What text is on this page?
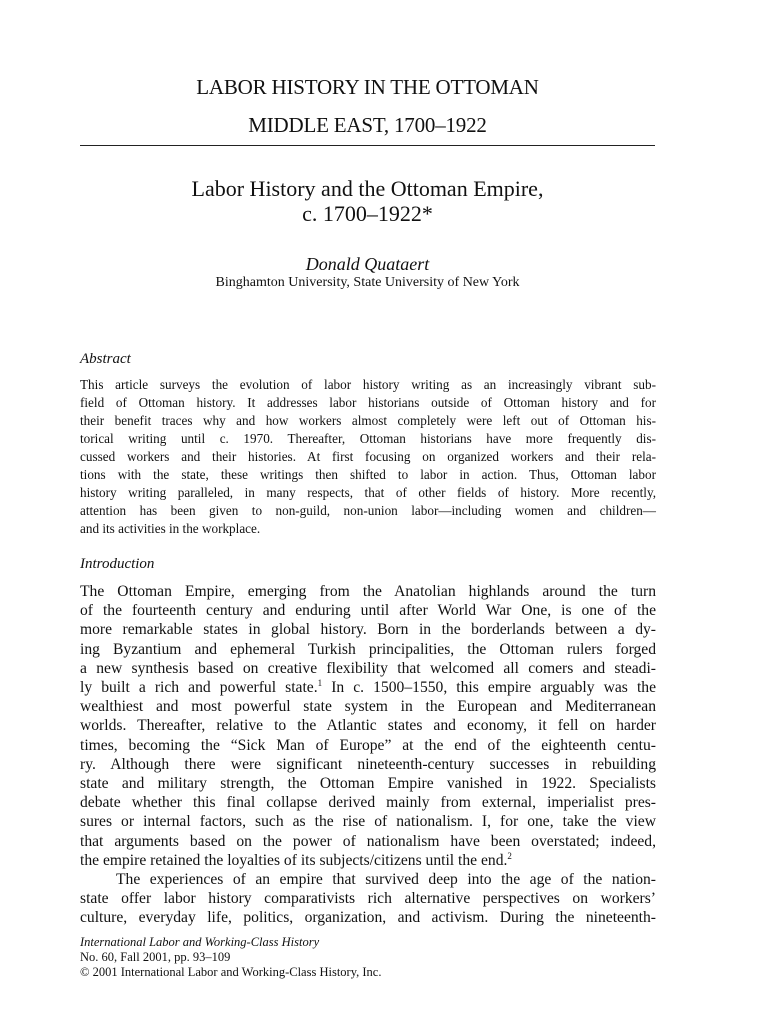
LABOR HISTORY IN THE OTTOMAN
MIDDLE EAST, 1700–1922
Labor History and the Ottoman Empire,
c. 1700–1922*
Donald Quataert
Binghamton University, State University of New York
Abstract
This article surveys the evolution of labor history writing as an increasingly vibrant sub-
field of Ottoman history. It addresses labor historians outside of Ottoman history and for
their benefit traces why and how workers almost completely were left out of Ottoman his-
torical writing until c. 1970. Thereafter, Ottoman historians have more frequently dis-
cussed workers and their histories. At first focusing on organized workers and their rela-
tions with the state, these writings then shifted to labor in action. Thus, Ottoman labor
history writing paralleled, in many respects, that of other fields of history. More recently,
attention has been given to non-guild, non-union labor—including women and children—
and its activities in the workplace.
Introduction
The Ottoman Empire, emerging from the Anatolian highlands around the turn
of the fourteenth century and enduring until after World War One, is one of the
more remarkable states in global history. Born in the borderlands between a dy-
ing Byzantium and ephemeral Turkish principalities, the Ottoman rulers forged
a new synthesis based on creative flexibility that welcomed all comers and steadi-
ly built a rich and powerful state.$^1$ In c. 1500–1550, this empire arguably was the
wealthiest and most powerful state system in the European and Mediterranean
worlds. Thereafter, relative to the Atlantic states and economy, it fell on harder
times, becoming the “Sick Man of Europe” at the end of the eighteenth centu-
ry. Although there were significant nineteenth-century successes in rebuilding
state and military strength, the Ottoman Empire vanished in 1922. Specialists
debate whether this final collapse derived mainly from external, imperialist pres-
sures or internal factors, such as the rise of nationalism. I, for one, take the view
that arguments based on the power of nationalism have been overstated; indeed,
the empire retained the loyalties of its subjects/citizens until the end.$^2$
The experiences of an empire that survived deep into the age of the nation-
state offer labor history comparativists rich alternative perspectives on workers’
culture, everyday life, politics, organization, and activism. During the nineteenth-
International Labor and Working-Class History
No. 60, Fall 2001, pp. 93–109
© 2001 International Labor and Working-Class History, Inc.
